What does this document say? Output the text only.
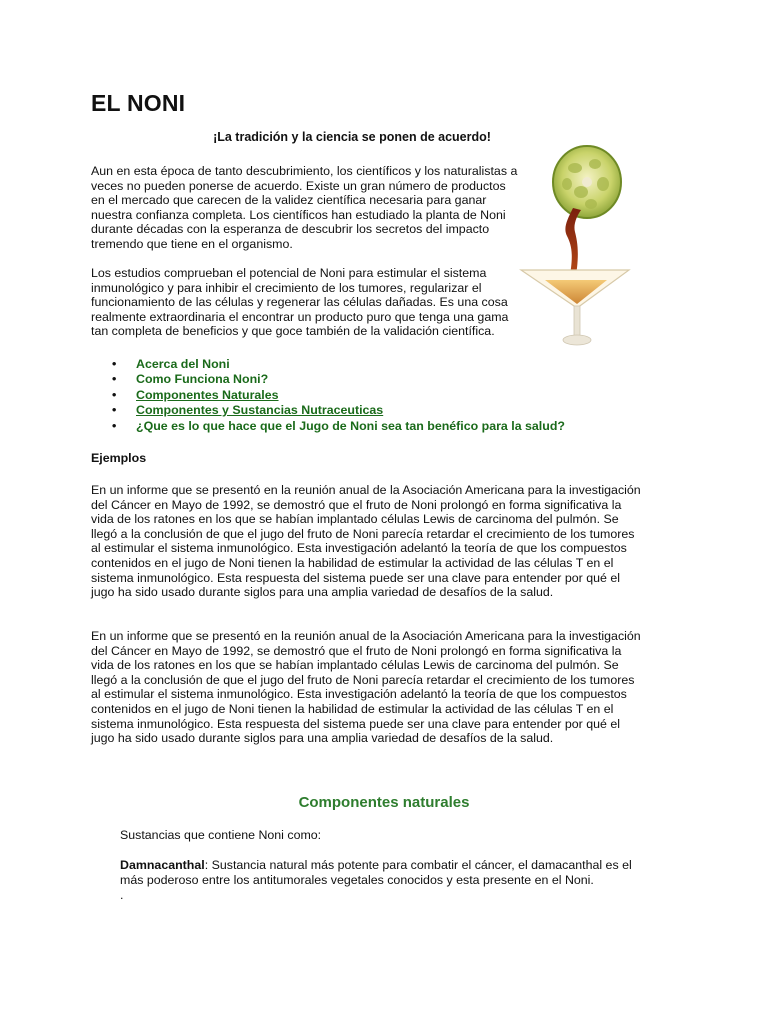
EL NONI

¡La tradición y la ciencia se ponen de acuerdo!

Aun en esta época de tanto descubrimiento, los científicos y los naturalistas a veces no pueden ponerse de acuerdo. Existe un gran número de productos en el mercado que carecen de la validez científica necesaria para ganar nuestra confianza completa. Los científicos han estudiado la planta de Noni durante décadas con la esperanza de descubrir los secretos del impacto tremendo que tiene en el organismo.

Los estudios comprueban el potencial de Noni para estimular el sistema inmunológico y para inhibir el crecimiento de los tumores, regularizar el funcionamiento de las células y regenerar las células dañadas. Es una cosa realmente extraordinaria el encontrar un producto puro que tenga una gama tan completa de beneficios y que goce también de la validación científica.

• Acerca del Noni
• Como Funciona Noni?
• Componentes Naturales
• Componentes y Sustancias Nutraceuticas
• ¿Que es lo que hace que el Jugo de Noni sea tan benéfico para la salud?

Ejemplos

En un informe que se presentó en la reunión anual de la Asociación Americana para la investigación del Cáncer en Mayo de 1992, se demostró que el fruto de Noni prolongó en forma significativa la vida de los ratones en los que se habían implantado células Lewis de carcinoma del pulmón. Se llegó a la conclusión de que el jugo del fruto de Noni parecía retardar el crecimiento de los tumores al estimular el sistema inmunológico. Esta investigación adelantó la teoría de que los compuestos contenidos en el jugo de Noni tienen la habilidad de estimular la actividad de las células T en el sistema inmunológico. Esta respuesta del sistema puede ser una clave para entender por qué el jugo ha sido usado durante siglos para una amplia variedad de desafíos de la salud.

En un informe que se presentó en la reunión anual de la Asociación Americana para la investigación del Cáncer en Mayo de 1992, se demostró que el fruto de Noni prolongó en forma significativa la vida de los ratones en los que se habían implantado células Lewis de carcinoma del pulmón. Se llegó a la conclusión de que el jugo del fruto de Noni parecía retardar el crecimiento de los tumores al estimular el sistema inmunológico. Esta investigación adelantó la teoría de que los compuestos contenidos en el jugo de Noni tienen la habilidad de estimular la actividad de las células T en el sistema inmunológico. Esta respuesta del sistema puede ser una clave para entender por qué el jugo ha sido usado durante siglos para una amplia variedad de desafíos de la salud.

Componentes naturales

Sustancias que contiene Noni como:

Damnacanthal: Sustancia natural más potente para combatir el cáncer, el damacanthal es el más poderoso entre los antitumorales vegetales conocidos y esta presente en el Noni.

.
